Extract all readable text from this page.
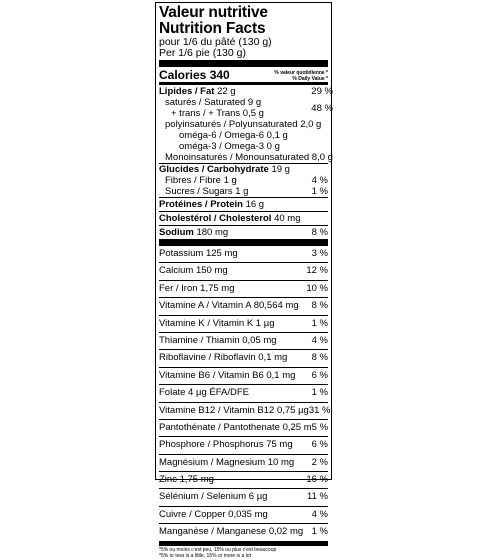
Valeur nutritive
Nutrition Facts
pour 1/6 du pâté (130 g)
Per 1/6 pie (130 g)
Calories 340	% valeur quotidienne *
% Daily Value *
Lipides / Fat 22 g	29 %
saturés / Saturated 9 g
+ trans / + Trans 0,5 g	48 %
polyinsaturés / Polyunsaturated 2,0 g
oméga-6 / Omega-6 0,1 g
oméga-3 / Omega-3 0 g
Monoinsaturés / Monounsaturated 8,0 g
Glucides / Carbohydrate 19 g
Fibres / Fibre 1 g	4 %
Sucres / Sugars 1 g	1 %
Protéines / Protein 16 g
Cholestérol / Cholesterol 40 mg
Sodium 180 mg	8 %
Potassium 125 mg	3 %
Calcium 150 mg	12 %
Fer / Iron 1,75 mg	10 %
Vitamine A / Vitamin A 80,564 mg 8 %
Vitamine K / Vitamin K 1 µg	1 %
Thiamine / Thiamin 0,05 mg	4 %
Riboflavine / Riboflavin 0,1 mg	8 %
Vitamine B6 / Vitamin B6 0,1 mg 6 %
Folate 4 µg ÉFA/DFE	1 %
Vitamine B12 / Vitamin B12 0,75 µg 31 %
Pantothénate / Pantothenate 0,25 m 5 %
Phosphore / Phosphorus 75 mg 6 %
Magnésium / Magnesium 10 mg 2 %
Zinc 1,75 mg	16 %
Sélénium / Selenium 6 µg	11 %
Cuivre / Copper 0,035 mg	4 %
Manganèse / Manganese 0,02 mg 1 %
*5% ou moins c'est peu, 15% ou plus c'est beaucoup
*5% or less is a little, 15% or more is a lot
